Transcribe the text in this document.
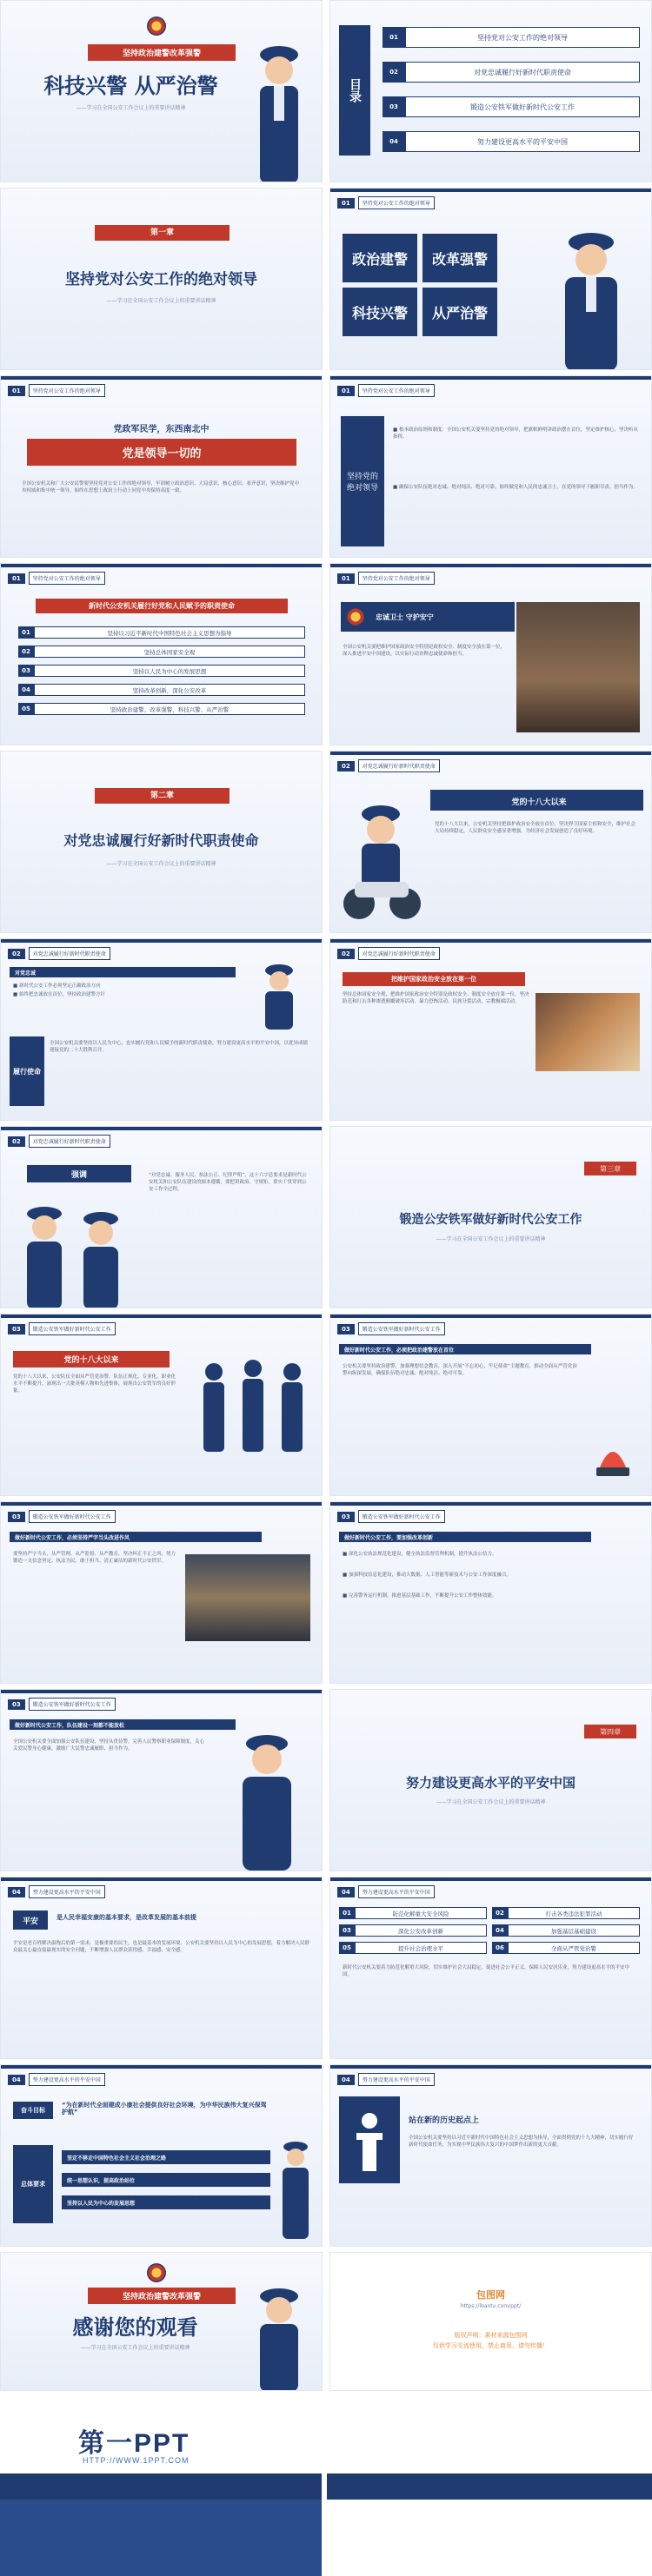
坚持政治建警改革强警
科技兴警 从严治警
——学习在全国公安工作会议上的重要讲话精神
目录
01	坚持党对公安工作的绝对领导
02	对党忠诚履行好新时代职责使命
03	锻造公安铁军做好新时代公安工作
04	努力建设更高水平的平安中国
第一章
坚持党对公安工作的绝对领导
——学习在全国公安工作会议上的重要讲话精神
01	坚持党对公安工作的绝对领导
政治建警	改革强警
科技兴警	从严治警
01	坚持党对公安工作的绝对领导
党政军民学，东西南北中
党是领导一切的
全国公安机关和广大公安民警要坚持党对公安工作的绝对领导，牢固树立政治意识、大局意识、核心意识、看齐意识，坚决维护党中央权威和集中统一领导，始终在思想上政治上行动上同党中央保持高度一致。
01	坚持党对公安工作的绝对领导
坚持党的绝对领导
■ 根本政治原则和制度：全国公安机关要坚持党的绝对领导，把旗帜鲜明讲政治摆在首位，坚定维护核心，坚决听从指挥。
■ 确保公安队伍绝对忠诚、绝对纯洁、绝对可靠，始终做党和人民的忠诚卫士，在党的领导下履职尽责、担当作为。
01	坚持党对公安工作的绝对领导
新时代公安机关履行好党和人民赋予的职责使命
01	坚持以习近平新时代中国特色社会主义思想为指导
02	坚持总体国家安全观
03	坚持以人民为中心的发展思想
04	坚持改革创新，深化公安改革
05	坚持政治建警、改革强警、科技兴警、从严治警
01	坚持党对公安工作的绝对领导
忠诚卫士 守护安宁
全国公安机关要把维护国家政治安全特别是政权安全、制度安全放在第一位，深入推进平安中国建设，以实际行动诠释忠诚使命和担当。
第二章
对党忠诚履行好新时代职责使命
——学习在全国公安工作会议上的重要讲话精神
02	对党忠诚履行好新时代职责使命
党的十八大以来
党的十八大以来，公安机关坚持把维护政治安全放在首位，坚决捍卫国家主权和安全，维护社会大局持续稳定，人民群众安全感显著增强，为经济社会发展创造了良好环境。
02	对党忠诚履行好新时代职责使命
对党忠诚
■ 新时代公安工作必须坚定正确政治方向
■ 始终把忠诚放在首位，坚持政治建警方针
履行使命
全国公安机关要坚持以人民为中心，忠实履行党和人民赋予的新时代职责使命，努力建设更高水平的平安中国，以优异成绩迎接党的二十大胜利召开。
02	对党忠诚履行好新时代职责使命
把维护国家政治安全放在第一位
坚持总体国家安全观，把维护国家政治安全特别是政权安全、制度安全放在第一位，坚决防范和打击各种渗透颠覆破坏活动、暴力恐怖活动、民族分裂活动、宗教极端活动。
02	对党忠诚履行好新时代职责使命
强调	“对党忠诚、服务人民、执法公正、纪律严明”，这十六字总要求是新时代公安机关和公安队伍建设的根本遵循，要把讲政治、守规矩、重实干贯穿到公安工作全过程。
第三章
锻造公安铁军做好新时代公安工作
——学习在全国公安工作会议上的重要讲话精神
03	锻造公安铁军做好新时代公安工作
党的十八大以来
党的十八大以来，公安队伍全面从严管党治警，队伍正规化、专业化、职业化水平不断提升，涌现出一大批英模人物和先进集体，展现出公安铁军的良好形象。
03	锻造公安铁军做好新时代公安工作
做好新时代公安工作，必须把政治建警放在首位
公安机关要坚持政治建警，加强理想信念教育，深入开展“不忘初心、牢记使命”主题教育，推动全面从严管党治警向纵深发展，确保队伍绝对忠诚、绝对纯洁、绝对可靠。
03	锻造公安铁军做好新时代公安工作
做好新时代公安工作，必须坚持严字当头改进作风
要坚持严字当头，从严管理、从严监督、从严教育，坚决纠正不正之风，努力锻造一支信念坚定、执法为民、敢于担当、清正廉洁的新时代公安铁军。
03	锻造公安铁军做好新时代公安工作
做好新时代公安工作，要加强改革创新
■ 深化公安执法规范化建设，健全执法监督管理机制，提升执法公信力。
■ 加强科技信息化建设，推动大数据、人工智能等新技术与公安工作深度融合。
■ 完善警务运行机制，推进基层基础工作，不断提升公安工作整体效能。
03	锻造公安铁军做好新时代公安工作
做好新时代公安工作，队伍建设一刻都不能放松
全国公安机关要全面加强公安队伍建设，坚持从优待警，完善人民警察职业保障制度，关心关爱民警身心健康，激励广大民警忠诚履职、担当作为。
第四章
努力建设更高水平的平安中国
——学习在全国公安工作会议上的重要讲话精神
04	努力建设更高水平的平安中国
平安	是人民幸福安康的基本要求，是改革发展的基本前提
平安是老百姓解决温饱后的第一需求，是极重要的民生，也是最基本的发展环境。公安机关要坚持以人民为中心的发展思想，着力解决人民群众最关心最直接最现实的安全问题，不断增强人民群众获得感、幸福感、安全感。
04	努力建设更高水平的平安中国
01	防范化解重大安全风险	02	打击各类违法犯罪活动
03	深化公安改革创新	04	加强基层基础建设
05	提升社会治理水平	06	全面从严管党治警
新时代公安机关要着力防范化解重大风险，切实维护社会大局稳定，促进社会公平正义，保障人民安居乐业，努力建设更高水平的平安中国。
04	努力建设更高水平的平安中国
奋斗目标
“为在新时代全面建成小康社会提供良好社会环境，为中华民族伟大复兴保驾护航”
总体要求
坚定不移走中国特色社会主义社会治理之路
统一思想认识，提高政治站位
坚持以人民为中心的发展思想
04	努力建设更高水平的平安中国
站在新的历史起点上
全国公安机关要坚持以习近平新时代中国特色社会主义思想为指导，全面贯彻党的十九大精神，切实履行好新时代使命任务，为实现中华民族伟大复兴的中国梦作出新的更大贡献。
坚持政治建警改革强警
感谢您的观看
——学习在全国公安工作会议上的重要讲话精神
包图网
https://ibaotu.com/ppt/
版权声明：素材来源包图网
仅供学习交流使用，禁止商用，请勿传播！
第一PPT
HTTP://WWW.1PPT.COM
